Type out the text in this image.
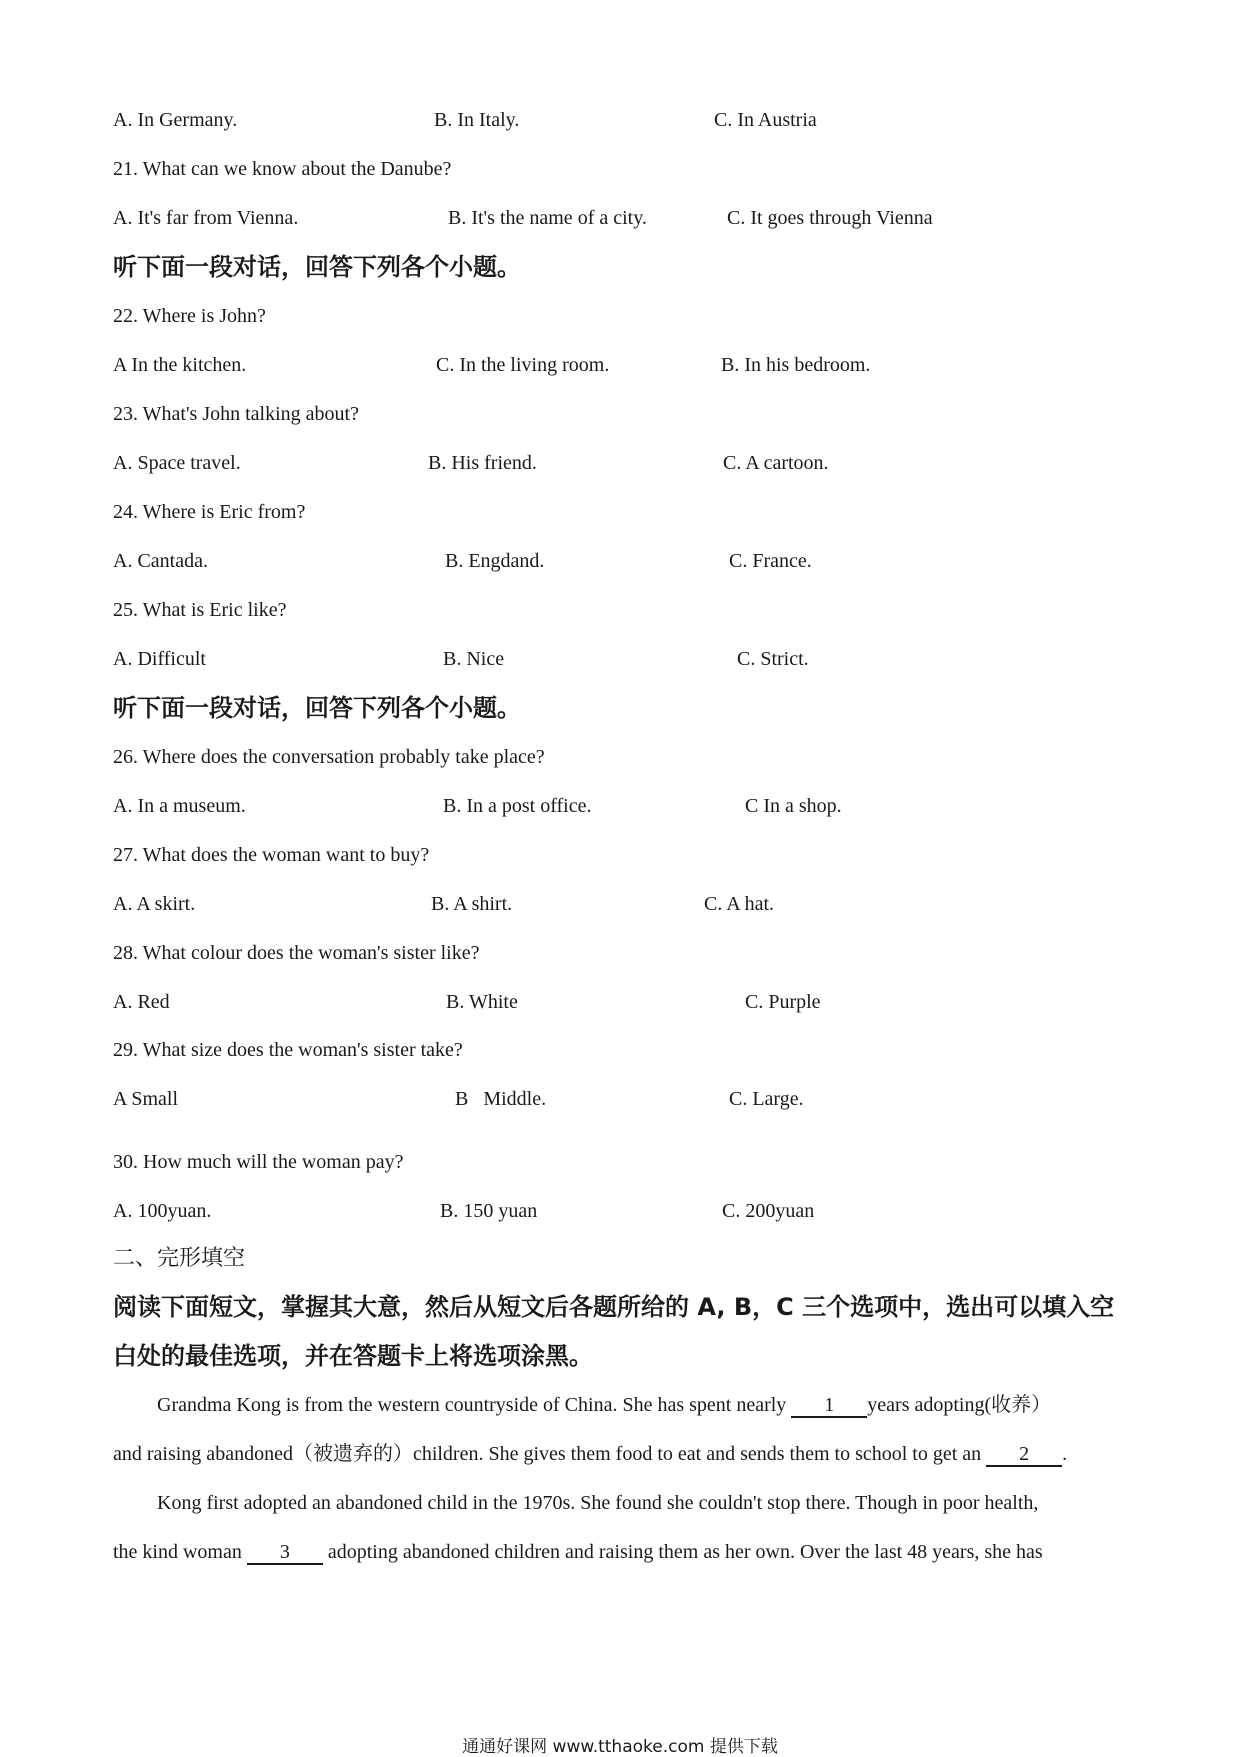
A. In Germany.	B. In Italy.	C. In Austria
21. What can we know about the Danube?
A. It's far from Vienna.	B. It's the name of a city.	C. It goes through Vienna
听下面一段对话，回答下列各个小题。
22. Where is John?
A In the kitchen.	C. In the living room.	B. In his bedroom.
23. What's John talking about?
A. Space travel.	B. His friend.	C. A cartoon.
24. Where is Eric from?
A. Cantada.	B. Engdand.	C. France.
25. What is Eric like?
A. Difficult	B. Nice	C. Strict.
听下面一段对话，回答下列各个小题。
26. Where does the conversation probably take place?
A. In a museum.	B. In a post office.	C In a shop.
27. What does the woman want to buy?
A. A skirt.	B. A shirt.	C. A hat.
28. What colour does the woman's sister like?
A. Red	B. White	C. Purple
29. What size does the woman's sister take?
A Small	B   Middle.	C. Large.
30. How much will the woman pay?
A. 100yuan.	B. 150 yuan	C. 200yuan
二、完形填空
阅读下面短文，掌握其大意，然后从短文后各题所给的 A, B，C 三个选项中，选出可以填入空
白处的最佳选项，并在答题卡上将选项涂黑。
Grandma Kong is from the western countryside of China. She has spent nearly 1 years adopting(收养）
and raising abandoned（被遗弃的）children. She gives them food to eat and sends them to school to get an 2 .
Kong first adopted an abandoned child in the 1970s. She found she couldn't stop there. Though in poor health,
the kind woman 3 adopting abandoned children and raising them as her own. Over the last 48 years, she has
通通好课网 www.tthaoke.com 提供下载
